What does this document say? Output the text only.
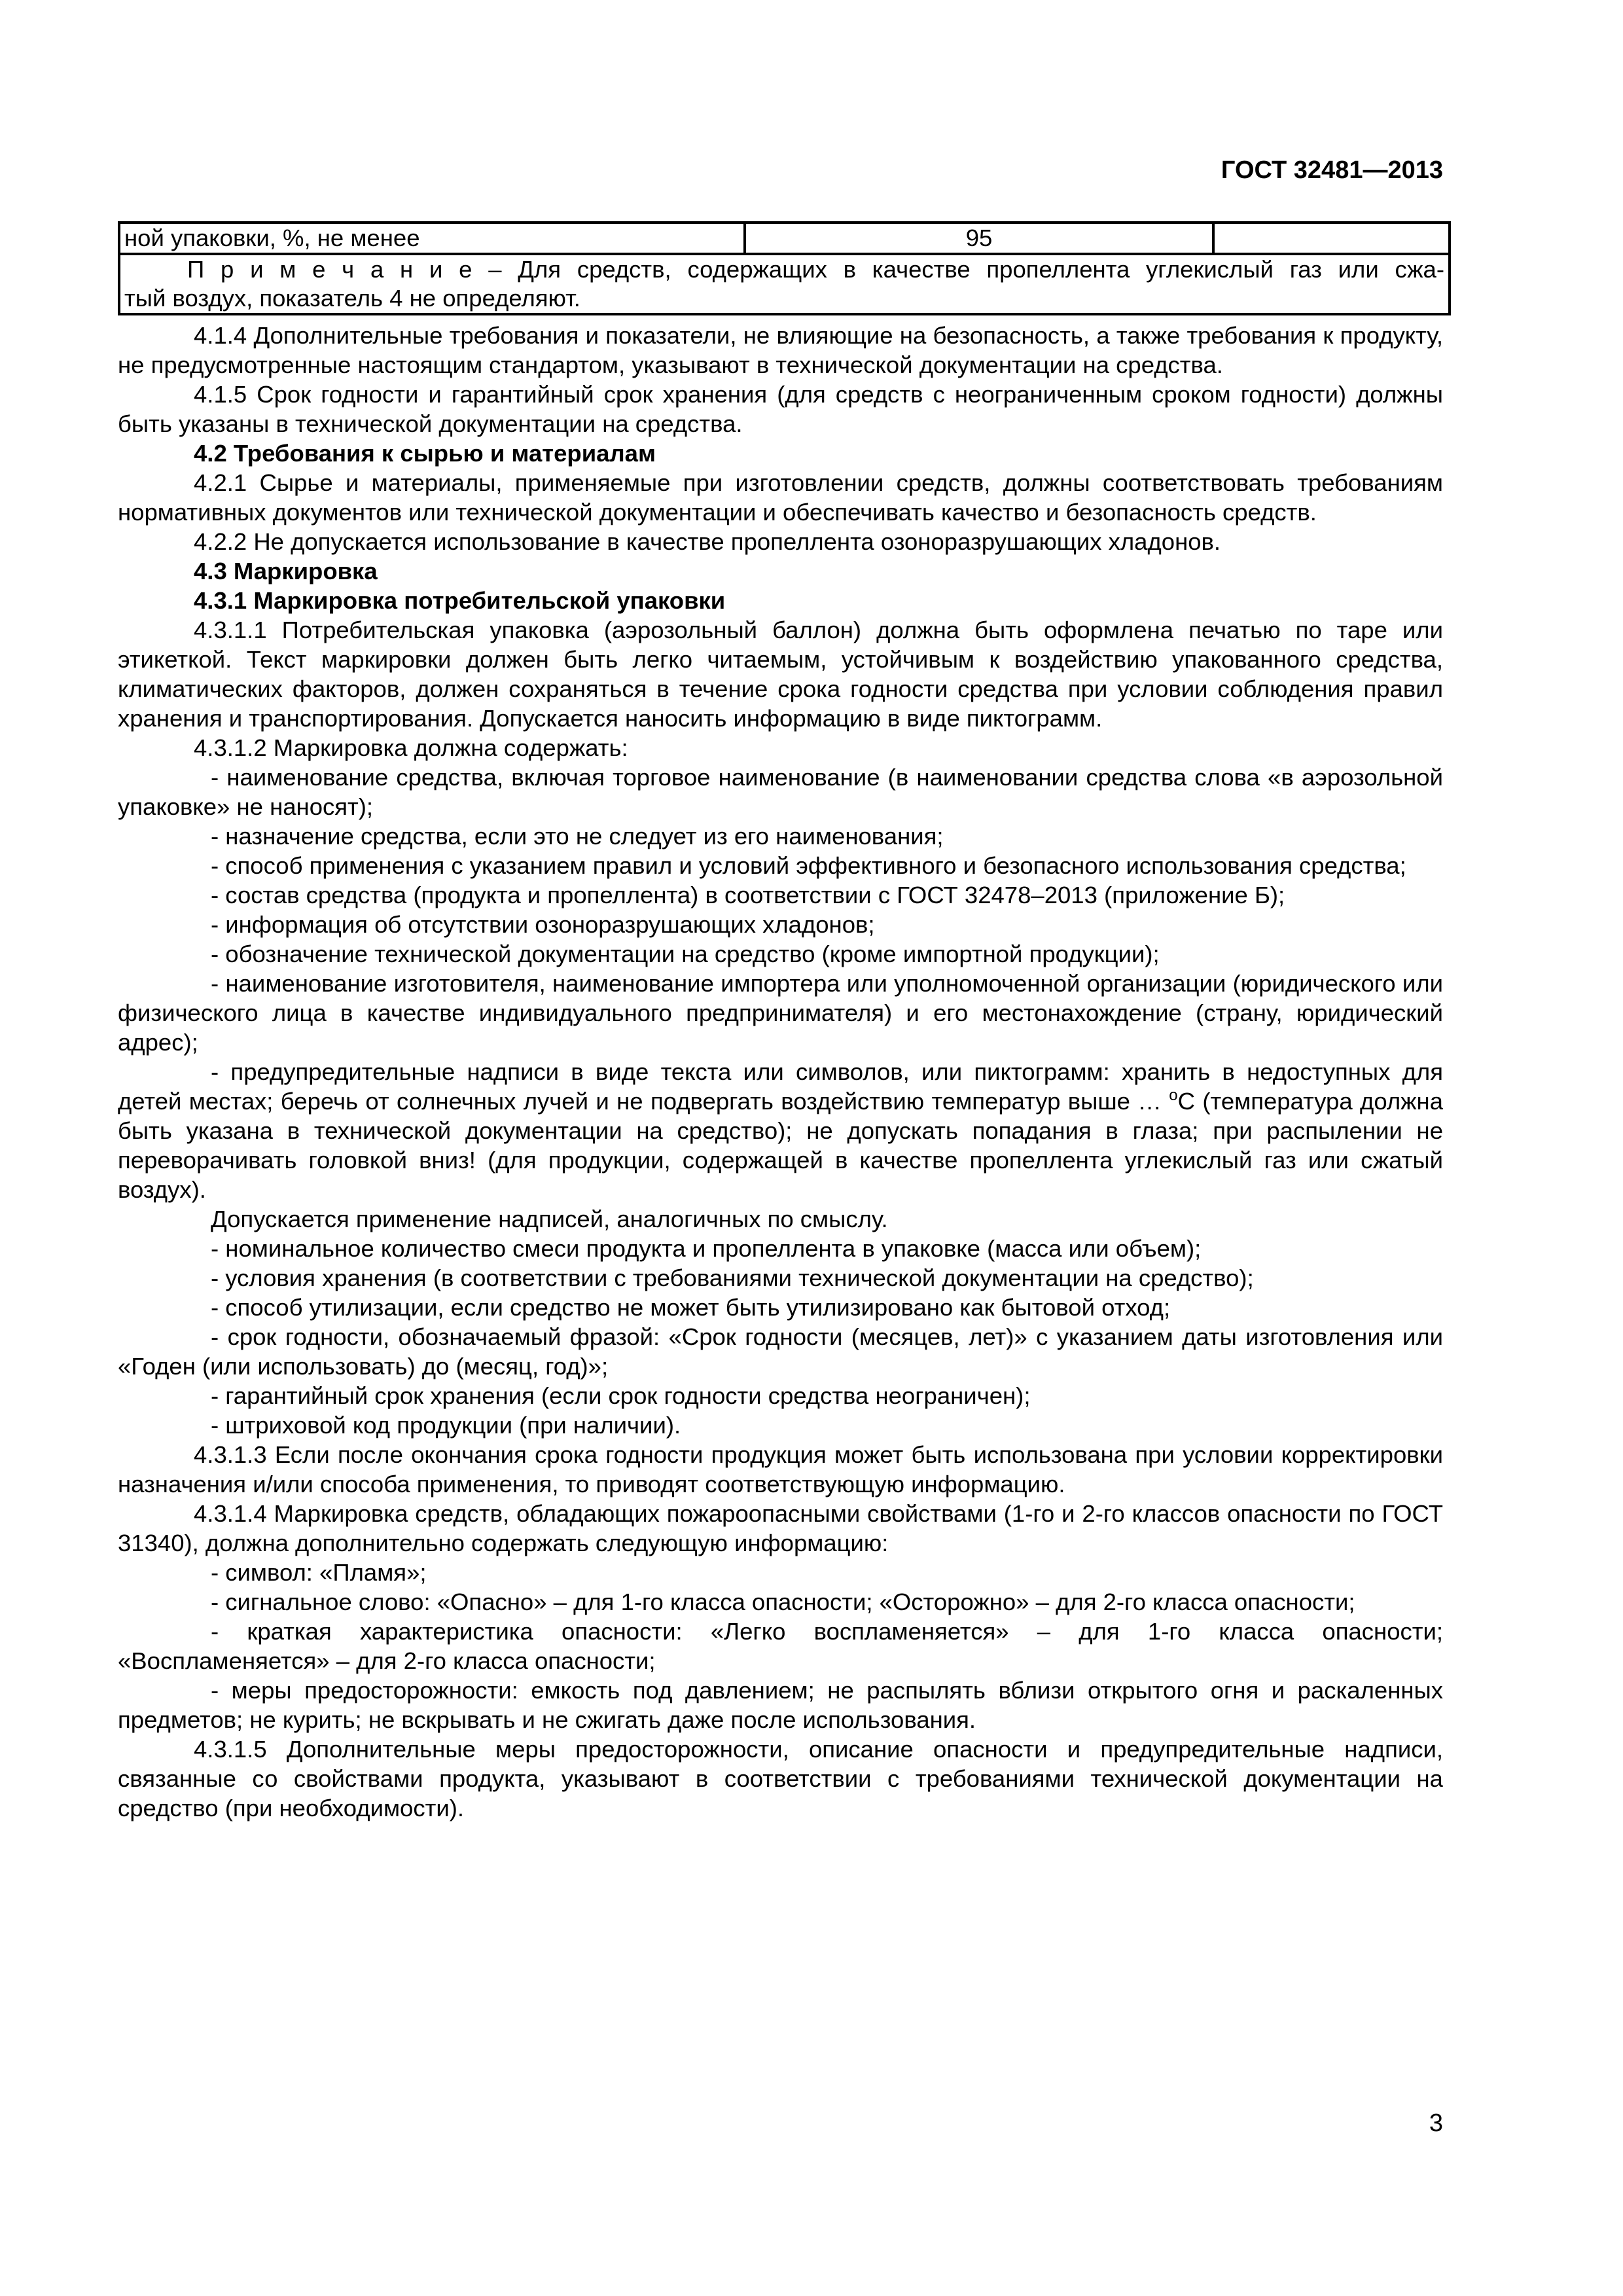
ГОСТ 32481—2013
ной упаковки, %, не менее	95	

П р и м е ч а н и е – Для средств, содержащих в качестве пропеллента углекислый газ или сжа-
тый воздух, показатель 4 не определяют.

4.1.4 Дополнительные требования и показатели, не влияющие на безопасность, а также требования к продукту, не предусмотренные настоящим стандартом, указывают в технической документации на средства.

4.1.5 Срок годности и гарантийный срок хранения (для средств с неограниченным сроком годности) должны быть указаны в технической документации на средства.

4.2 Требования к сырью и материалам

4.2.1 Сырье и материалы, применяемые при изготовлении средств, должны соответствовать требованиям нормативных документов или технической документации и обеспечивать качество и безопасность средств.

4.2.2 Не допускается использование в качестве пропеллента озоноразрушающих хладонов.

4.3 Маркировка

4.3.1 Маркировка потребительской упаковки

4.3.1.1 Потребительская упаковка (аэрозольный баллон) должна быть оформлена печатью по таре или этикеткой. Текст маркировки должен быть легко читаемым, устойчивым к воздействию упакованного средства, климатических факторов, должен сохраняться в течение срока годности средства при условии соблюдения правил хранения и транспортирования. Допускается наносить информацию в виде пиктограмм.

4.3.1.2 Маркировка должна содержать:

- наименование средства, включая торговое наименование (в наименовании средства слова «в аэрозольной упаковке» не наносят);

- назначение средства, если это не следует из его наименования;

- способ применения с указанием правил и условий эффективного и безопасного использования средства;

- состав средства (продукта и пропеллента) в соответствии с ГОСТ 32478–2013 (приложение Б);

- информация об отсутствии озоноразрушающих хладонов;

- обозначение технической документации на средство (кроме импортной продукции);

- наименование изготовителя, наименование импортера или уполномоченной организации (юридического или физического лица в качестве индивидуального предпринимателя) и его местонахождение (страну, юридический адрес);

- предупредительные надписи в виде текста или символов, или пиктограмм: хранить в недоступных для детей местах; беречь от солнечных лучей и не подвергать воздействию температур выше … $^о$С (температура должна быть указана в технической документации на средство); не допускать попадания в глаза; при распылении не переворачивать головкой вниз! (для продукции, содержащей в качестве пропеллента углекислый газ или сжатый воздух).

Допускается применение надписей, аналогичных по смыслу.

- номинальное количество смеси продукта и пропеллента в упаковке (масса или объем);

- условия хранения (в соответствии с требованиями технической документации на средство);

- способ утилизации, если средство не может быть утилизировано как бытовой отход;

- срок годности, обозначаемый фразой: «Срок годности (месяцев, лет)» с указанием даты изготовления или «Годен (или использовать) до (месяц, год)»;

- гарантийный срок хранения (если срок годности средства неограничен);

- штриховой код продукции (при наличии).

4.3.1.3 Если после окончания срока годности продукция может быть использована при условии корректировки назначения и/или способа применения, то приводят соответствующую информацию.

4.3.1.4 Маркировка средств, обладающих пожароопасными свойствами (1-го и 2-го классов опасности по ГОСТ 31340), должна дополнительно содержать следующую информацию:

- символ: «Пламя»;

- сигнальное слово: «Опасно» – для 1-го класса опасности; «Осторожно» – для 2-го класса опасности;

- краткая характеристика опасности: «Легко воспламеняется» – для 1-го класса опасности; «Воспламеняется» – для 2-го класса опасности;

- меры предосторожности: емкость под давлением; не распылять вблизи открытого огня и раскаленных предметов; не курить; не вскрывать и не сжигать даже после использования.

4.3.1.5 Дополнительные меры предосторожности, описание опасности и предупредительные надписи, связанные со свойствами продукта, указывают в соответствии с требованиями технической документации на средство (при необходимости).

3
